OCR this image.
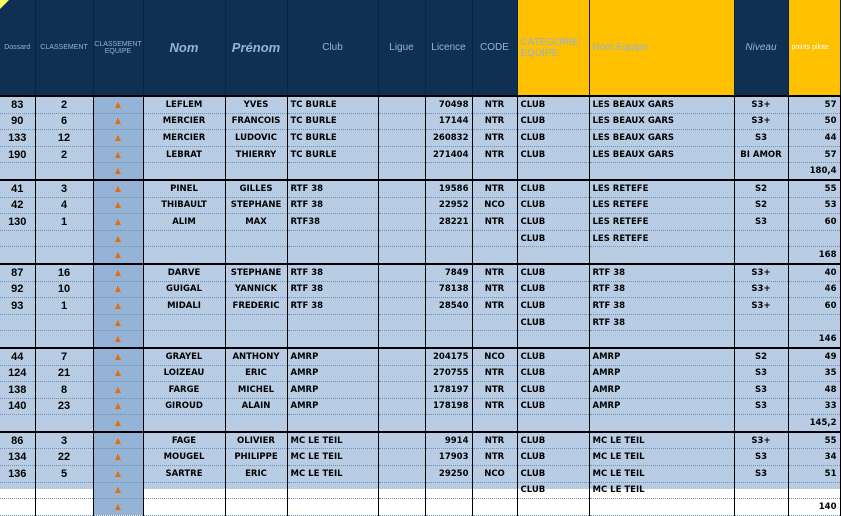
Dossard	CLASSEMENT	CLASSEMENT EQUIPE	Nom	Prénom	Club	Ligue	Licence	CODE	CATEGORIE EQUIPE	Nom Equipe	Niveau	points pilote
83	2	▲	LEFLEM	YVES	TC BURLE		70498	NTR	CLUB	LES BEAUX GARS	S3+	57
90	6	▲	MERCIER	FRANCOIS	TC BURLE		17144	NTR	CLUB	LES BEAUX GARS	S3+	50
133	12	▲	MERCIER	LUDOVIC	TC BURLE		260832	NTR	CLUB	LES BEAUX GARS	S3	44
190	2	▲	LEBRAT	THIERRY	TC BURLE		271404	NTR	CLUB	LES BEAUX GARS	BI AMOR	57
		▲										180,4
41	3	▲	PINEL	GILLES	RTF 38		19586	NTR	CLUB	LES RETEFE	S2	55
42	4	▲	THIBAULT	STEPHANE	RTF 38		22952	NCO	CLUB	LES RETEFE	S2	53
130	1	▲	ALIM	MAX	RTF38		28221	NTR	CLUB	LES RETEFE	S3	60
		▲							CLUB	LES RETEFE		
		▲										168
87	16	▲	DARVE	STEPHANE	RTF 38		7849	NTR	CLUB	RTF 38	S3+	40
92	10	▲	GUIGAL	YANNICK	RTF 38		78138	NTR	CLUB	RTF 38	S3+	46
93	1	▲	MIDALI	FREDERIC	RTF 38		28540	NTR	CLUB	RTF 38	S3+	60
		▲							CLUB	RTF 38		
		▲										146
44	7	▲	GRAYEL	ANTHONY	AMRP		204175	NCO	CLUB	AMRP	S2	49
124	21	▲	LOIZEAU	ERIC	AMRP		270755	NTR	CLUB	AMRP	S3	35
138	8	▲	FARGE	MICHEL	AMRP		178197	NTR	CLUB	AMRP	S3	48
140	23	▲	GIROUD	ALAIN	AMRP		178198	NTR	CLUB	AMRP	S3	33
		▲										145,2
86	3	▲	FAGE	OLIVIER	MC LE TEIL		9914	NTR	CLUB	MC LE TEIL	S3+	55
134	22	▲	MOUGEL	PHILIPPE	MC LE TEIL		17903	NTR	CLUB	MC LE TEIL	S3	34
136	5	▲	SARTRE	ERIC	MC LE TEIL		29250	NCO	CLUB	MC LE TEIL	S3	51
		▲							CLUB	MC LE TEIL		
		▲										140
